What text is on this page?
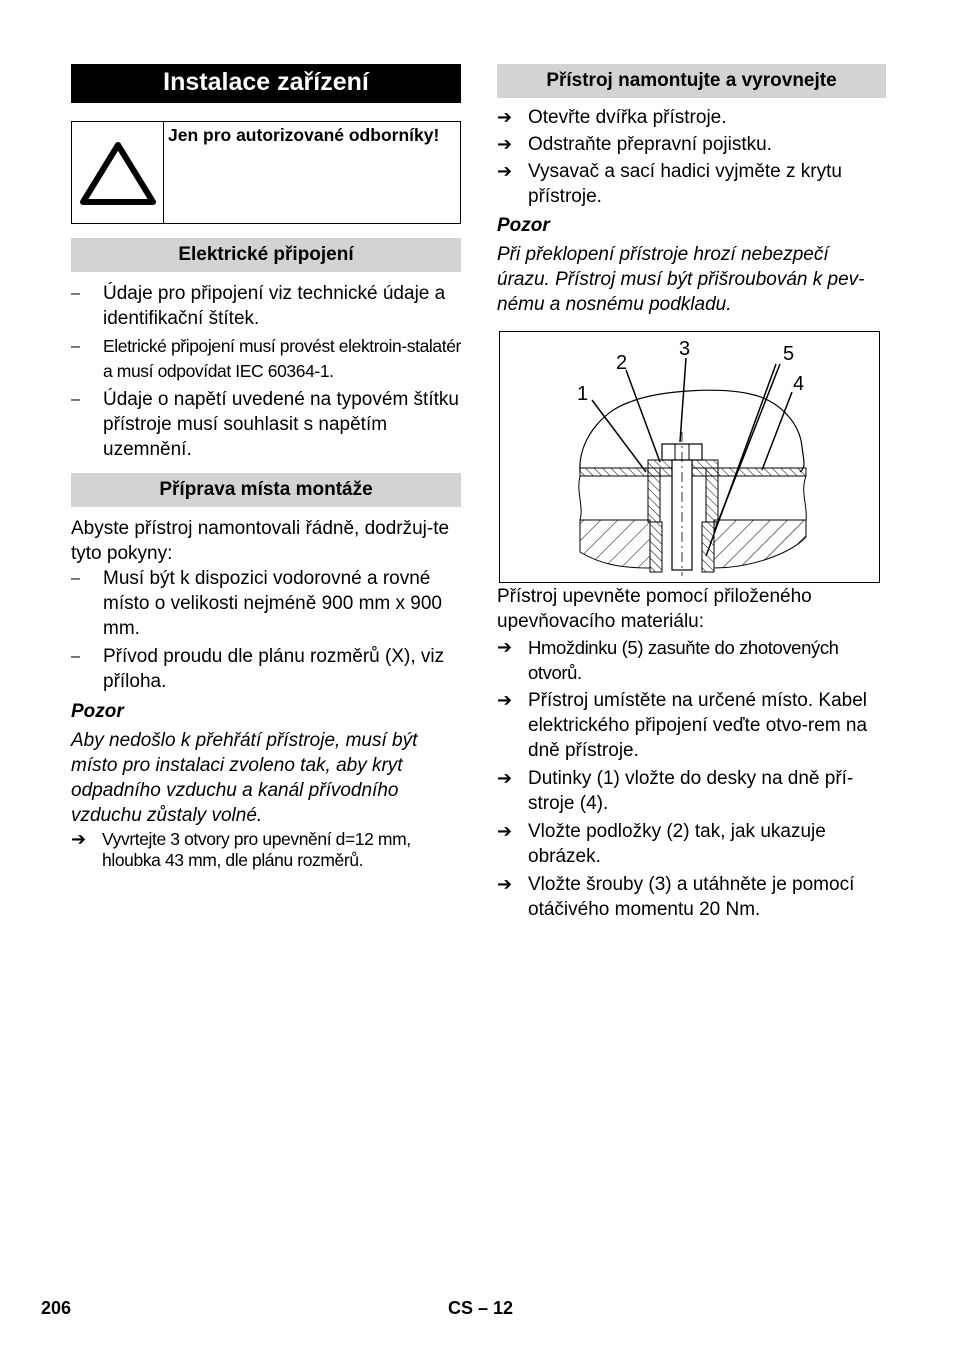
Instalace zařízení
Jen pro autorizované odborníky!
Elektrické připojení
–	Údaje pro připojení viz technické údaje a identifikační štítek.
–	Eletrické připojení musí provést elektroin-stalatér a musí odpovídat IEC 60364-1.
–	Údaje o napětí uvedené na typovém štítku přístroje musí souhlasit s napětím uzemnění.
Příprava místa montáže

Abyste přístroj namontovali řádně, dodržuj-te tyto pokyny:

–	Musí být k dispozici vodorovné a rovné místo o velikosti nejméně 900 mm x 900 mm.
–	Přívod proudu dle plánu rozměrů (X), viz příloha.
Pozor
Aby nedošlo k přehřátí přístroje, musí být místo pro instalaci zvoleno tak, aby kryt odpadního vzduchu a kanál přívodního vzduchu zůstaly volné.
➔ Vyvrtejte 3 otvory pro upevnění d=12 mm, hloubka 43 mm, dle plánu rozměrů.
Přístroj namontujte a vyrovnejte
➔ Otevřte dvířka přístroje.
➔ Odstraňte přepravní pojistku.
➔ Vysavač a sací hadici vyjměte z krytu přístroje.
Pozor
Při překlopení přístroje hrozí nebezpečí úrazu. Přístroj musí být přišroubován k pev-nému a nosnému podkladu.
1
2
3
4
5

Přístroj upevněte pomocí přiloženého upevňovacího materiálu:

➔ Hmoždinku (5) zasuňte do zhotovených otvorů.
➔ Přístroj umístěte na určené místo. Kabel elektrického připojení veďte otvo-rem na dně přístroje.
➔ Dutinky (1) vložte do desky na dně pří-stroje (4).
➔ Vložte podložky (2) tak, jak ukazuje obrázek.
➔ Vložte šrouby (3) a utáhněte je pomocí otáčivého momentu 20 Nm.
206	CS – 12
